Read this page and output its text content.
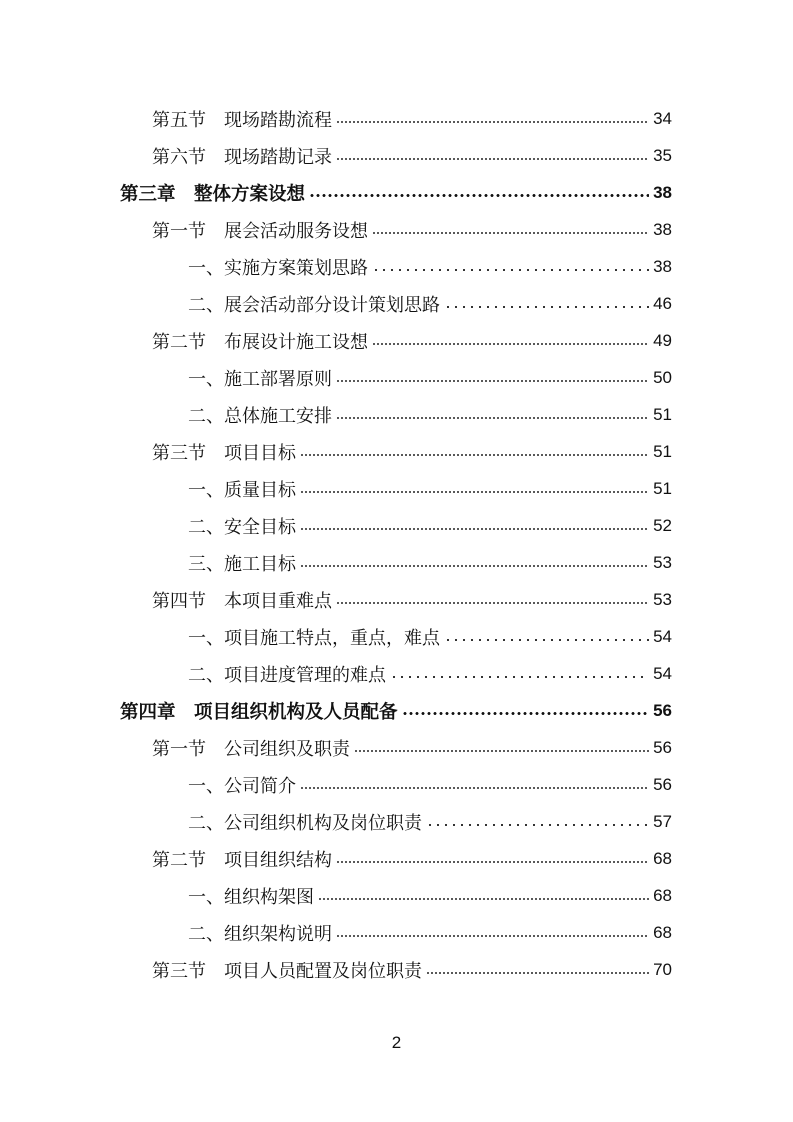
第五节 现场踏勘流程	34
第六节 现场踏勘记录	35
第三章 整体方案设想	38
第一节 展会活动服务设想	38
一、实施方案策划思路	38
二、展会活动部分设计策划思路	46
第二节 布展设计施工设想	49
一、施工部署原则	50
二、总体施工安排	51
第三节 项目目标	51
一、质量目标	51
二、安全目标	52
三、施工目标	53
第四节 本项目重难点	53
一、项目施工特点，重点，难点	54
二、项目进度管理的难点	54
第四章 项目组织机构及人员配备	56
第一节 公司组织及职责	56
一、公司简介	56
二、公司组织机构及岗位职责	57
第二节 项目组织结构	68
一、组织构架图	68
二、组织架构说明	68
第三节 项目人员配置及岗位职责	70
2
